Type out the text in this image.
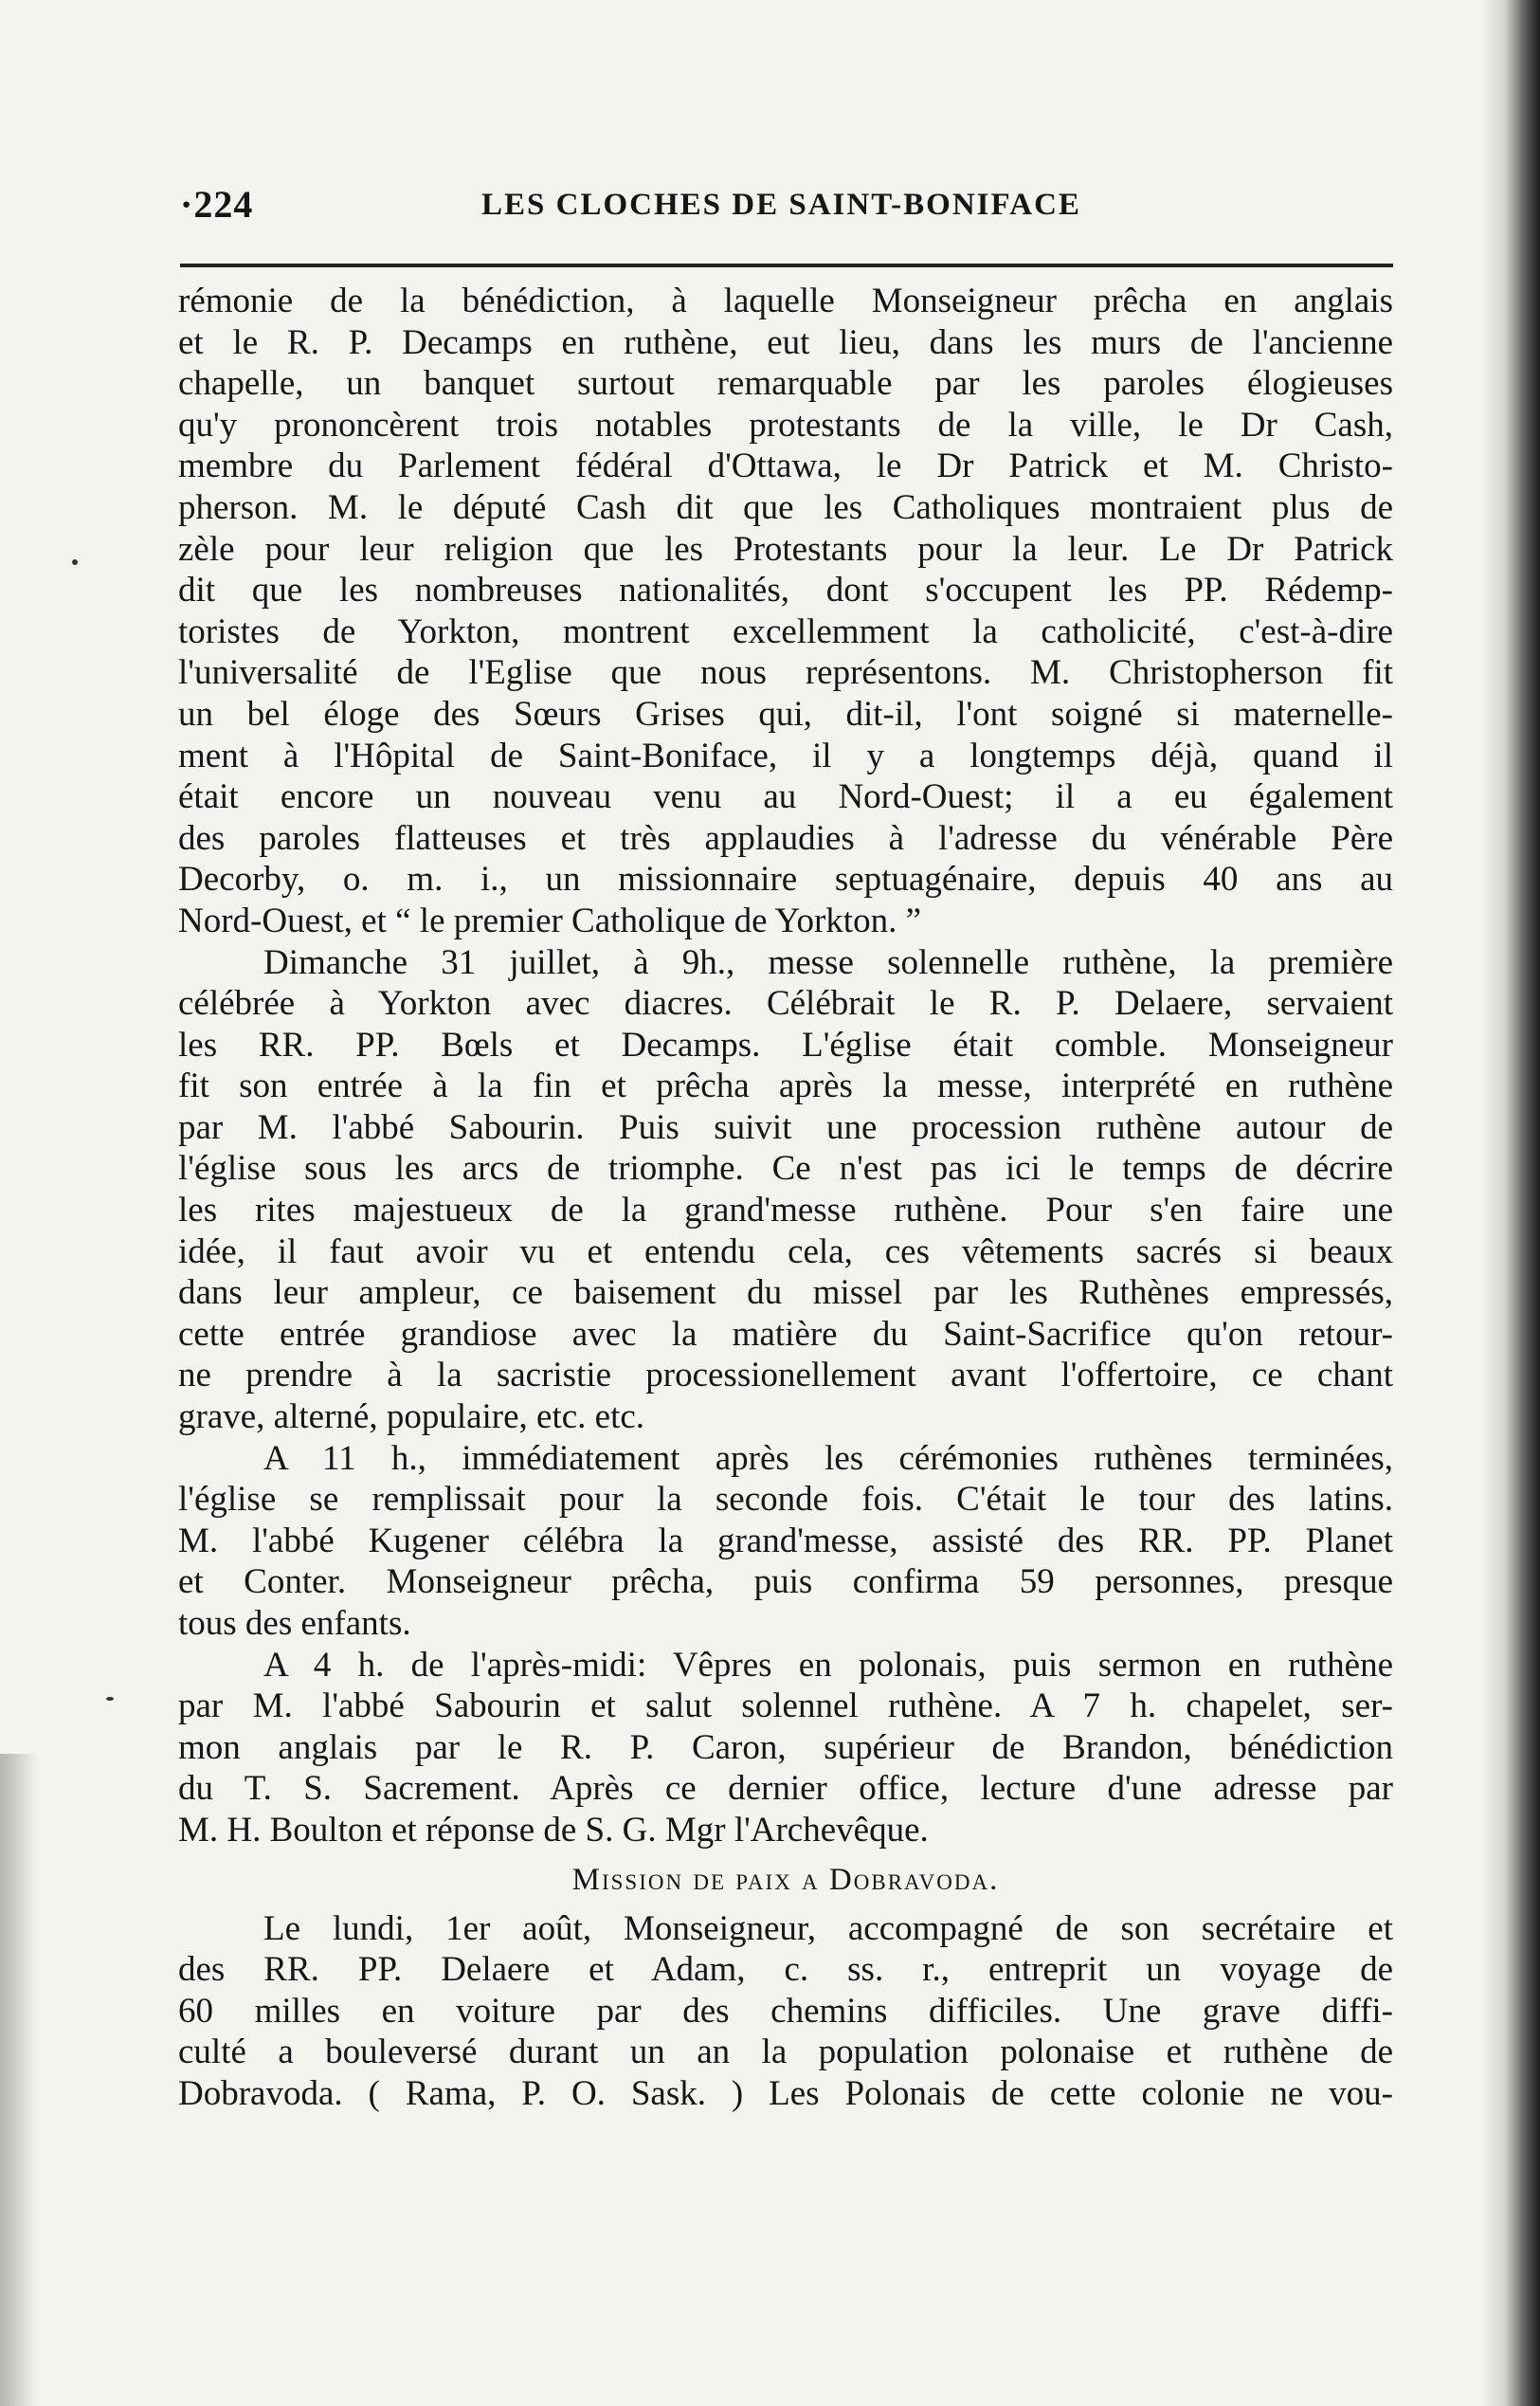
·224	LES CLOCHES DE SAINT-BONIFACE
rémonie de la bénédiction, à laquelle Monseigneur prêcha en anglais
et le R. P. Decamps en ruthène, eut lieu, dans les murs de l'ancienne
chapelle, un banquet surtout remarquable par les paroles élogieuses
qu'y prononcèrent trois notables protestants de la ville, le Dr Cash,
membre du Parlement fédéral d'Ottawa, le Dr Patrick et M. Christo-
pherson. M. le député Cash dit que les Catholiques montraient plus de
zèle pour leur religion que les Protestants pour la leur. Le Dr Patrick
dit que les nombreuses nationalités, dont s'occupent les PP. Rédemp-
toristes de Yorkton, montrent excellemment la catholicité, c'est-à-dire
l'universalité de l'Eglise que nous représentons. M. Christopherson fit
un bel éloge des Sœurs Grises qui, dit-il, l'ont soigné si maternelle-
ment à l'Hôpital de Saint-Boniface, il y a longtemps déjà, quand il
était encore un nouveau venu au Nord-Ouest; il a eu également
des paroles flatteuses et très applaudies à l'adresse du vénérable Père
Decorby, o. m. i., un missionnaire septuagénaire, depuis 40 ans au
Nord-Ouest, et “ le premier Catholique de Yorkton. ”
Dimanche 31 juillet, à 9h., messe solennelle ruthène, la première
célébrée à Yorkton avec diacres. Célébrait le R. P. Delaere, servaient
les RR. PP. Bœls et Decamps. L'église était comble. Monseigneur
fit son entrée à la fin et prêcha après la messe, interprété en ruthène
par M. l'abbé Sabourin. Puis suivit une procession ruthène autour de
l'église sous les arcs de triomphe. Ce n'est pas ici le temps de décrire
les rites majestueux de la grand'messe ruthène. Pour s'en faire une
idée, il faut avoir vu et entendu cela, ces vêtements sacrés si beaux
dans leur ampleur, ce baisement du missel par les Ruthènes empressés,
cette entrée grandiose avec la matière du Saint-Sacrifice qu'on retour-
ne prendre à la sacristie processionellement avant l'offertoire, ce chant
grave, alterné, populaire, etc. etc.
A 11 h., immédiatement après les cérémonies ruthènes terminées,
l'église se remplissait pour la seconde fois. C'était le tour des latins.
M. l'abbé Kugener célébra la grand'messe, assisté des RR. PP. Planet
et Conter. Monseigneur prêcha, puis confirma 59 personnes, presque
tous des enfants.
A 4 h. de l'après-midi: Vêpres en polonais, puis sermon en ruthène
par M. l'abbé Sabourin et salut solennel ruthène. A 7 h. chapelet, ser-
mon anglais par le R. P. Caron, supérieur de Brandon, bénédiction
du T. S. Sacrement. Après ce dernier office, lecture d'une adresse par
M. H. Boulton et réponse de S. G. Mgr l'Archevêque.
Mission de paix a Dobravoda.
Le lundi, 1er août, Monseigneur, accompagné de son secrétaire et
des RR. PP. Delaere et Adam, c. ss. r., entreprit un voyage de
60 milles en voiture par des chemins difficiles. Une grave diffi-
culté a bouleversé durant un an la population polonaise et ruthène de
Dobravoda. ( Rama, P. O. Sask. ) Les Polonais de cette colonie ne vou-
